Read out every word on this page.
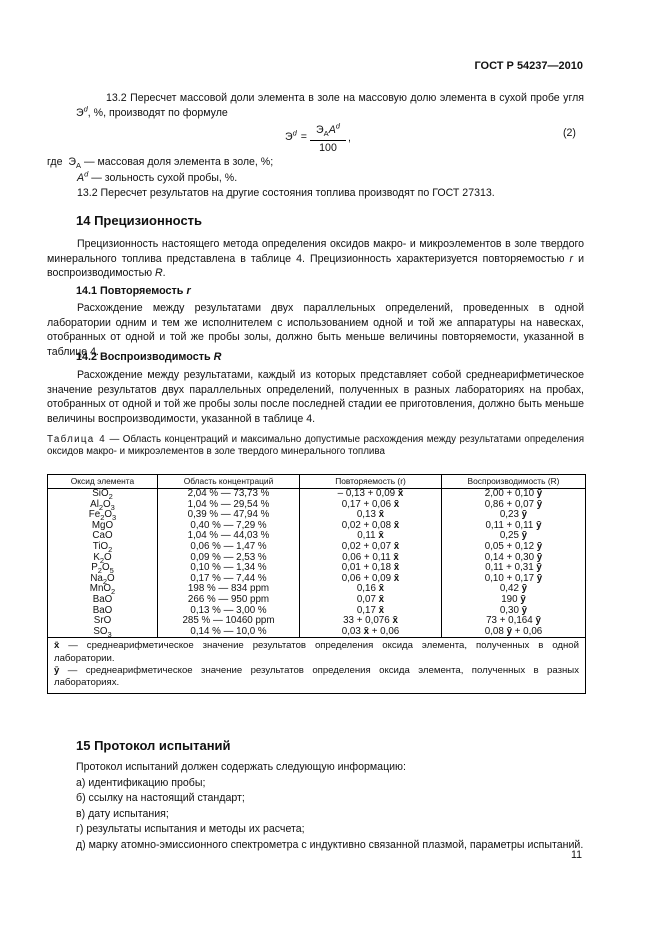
ГОСТ Р 54237—2010

13.2 Пересчет массовой доли элемента в золе на массовую долю элемента в сухой пробе угля $Э^d$, %, производят по формуле

$Э^d$ =
$Э_АA^d$
100
,	(2)
где $Э_А$ — массовая доля элемента в золе, %;
$A^d$ — зольность сухой пробы, %.
13.2 Пересчет результатов на другие состояния топлива производят по ГОСТ 27313.
14 Прецизионность

Прецизионность настоящего метода определения оксидов макро- и микроэлементов в золе твердого минерального топлива представлена в таблице 4. Прецизионность характеризуется повторяемостью r и воспроизводимостью R.

14.1 Повторяемость r

Расхождение между результатами двух параллельных определений, проведенных в одной лаборатории одним и тем же исполнителем с использованием одной и той же аппаратуры на навесках, отобранных от одной и той же пробы золы, должно быть меньше величины повторяемости, указанной в таблице 4.

14.2 Воспроизводимость R

Расхождение между результатами, каждый из которых представляет собой среднеарифметическое значение результатов двух параллельных определений, полученных в разных лабораториях на пробах, отобранных от одной и той же пробы золы после последней стадии ее приготовления, должно быть меньше величины воспроизводимости, указанной в таблице 4.

Таблица 4 — Область концентраций и максимально допустимые расхождения между результатами определения оксидов макро- и микроэлементов в золе твердого минерального топлива
Оксид элемента	Область концентраций	Повторяемость (r)	Воспроизводимость (R)
SiO$_2$	2,04 % — 73,73 %	– 0,13 + 0,09 x̄	2,00 + 0,10 ȳ
$Al_2O_3$	1,04 % — 29,54 %	0,17 + 0,06 x̄	0,86 + 0,07 ȳ
$Fe_2O_3$	0,39 % — 47,94 %	0,13 x̄	0,23 ȳ
MgO	0,40 % — 7,29 %	0,02 + 0,08 x̄	0,11 + 0,11 ȳ
CaO	1,04 % — 44,03 %	0,11 x̄	0,25 ȳ
TiO$_2$	0,06 % — 1,47 %	0,02 + 0,07 x̄	0,05 + 0,12 ȳ
$K_2O$	0,09 % — 2,53 %	0,06 + 0,11 x̄	0,14 + 0,30 ȳ
$P_2O_5$	0,10 % — 1,34 %	0,01 + 0,18 x̄	0,11 + 0,31 ȳ
$Na_2O$	0,17 % — 7,44 %	0,06 + 0,09 x̄	0,10 + 0,17 ȳ
MnO$_2$	198 % — 834 ppm	0,16 x̄	0,42 ȳ
BaO	266 % — 950 ppm	0,07 x̄	190 ȳ
BaO	0,13 % — 3,00 %	0,17 x̄	0,30 ȳ
SrO	285 % — 10460 ppm	33 + 0,076 x̄	73 + 0,164 ȳ
$SO_3$	0,14 % — 10,0 %	0,03 x̄ + 0,06	0,08 ȳ + 0,06
x̄ — среднеарифметическое значение результатов определения оксида элемента, полученных в одной лаборатории.
ȳ — среднеарифметическое значение результатов определения оксида элемента, полученных в разных лабораториях.
15 Протокол испытаний
Протокол испытаний должен содержать следующую информацию:
а) идентификацию пробы;
б) ссылку на настоящий стандарт;
в) дату испытания;
г) результаты испытания и методы их расчета;
д) марку атомно-эмиссионного спектрометра с индуктивно связанной плазмой, параметры испытаний.
11
